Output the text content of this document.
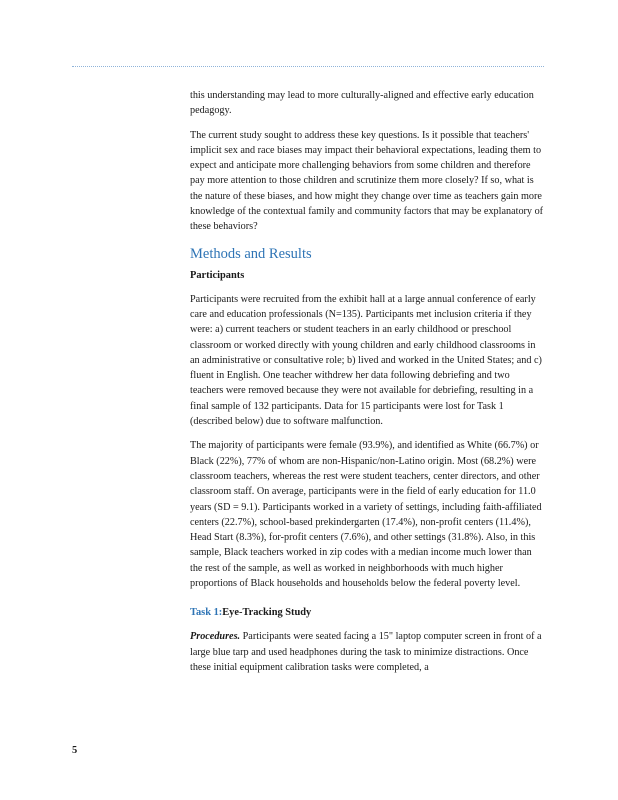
this understanding may lead to more culturally-aligned and effective early education pedagogy.

The current study sought to address these key questions. Is it possible that teachers' implicit sex and race biases may impact their behavioral expectations, leading them to expect and anticipate more challenging behaviors from some children and therefore pay more attention to those children and scrutinize them more closely? If so, what is the nature of these biases, and how might they change over time as teachers gain more knowledge of the contextual family and community factors that may be explanatory of these behaviors?

Methods and Results
Participants

Participants were recruited from the exhibit hall at a large annual conference of early care and education professionals (N=135). Participants met inclusion criteria if they were: a) current teachers or student teachers in an early childhood or preschool classroom or worked directly with young children and early childhood classrooms in an administrative or consultative role; b) lived and worked in the United States; and c) fluent in English. One teacher withdrew her data following debriefing and two teachers were removed because they were not available for debriefing, resulting in a final sample of 132 participants. Data for 15 participants were lost for Task 1 (described below) due to software malfunction.

The majority of participants were female (93.9%), and identified as White (66.7%) or Black (22%), 77% of whom are non-Hispanic/non-Latino origin. Most (68.2%) were classroom teachers, whereas the rest were student teachers, center directors, and other classroom staff. On average, participants were in the field of early education for 11.0 years (SD = 9.1). Participants worked in a variety of settings, including faith-affiliated centers (22.7%), school-based prekindergarten (17.4%), non-profit centers (11.4%), Head Start (8.3%), for-profit centers (7.6%), and other settings (31.8%). Also, in this sample, Black teachers worked in zip codes with a median income much lower than the rest of the sample, as well as worked in neighborhoods with much higher proportions of Black households and households below the federal poverty level.

Task 1:Eye-Tracking Study

Procedures. Participants were seated facing a 15" laptop computer screen in front of a large blue tarp and used headphones during the task to minimize distractions. Once these initial equipment calibration tasks were completed, a

5
